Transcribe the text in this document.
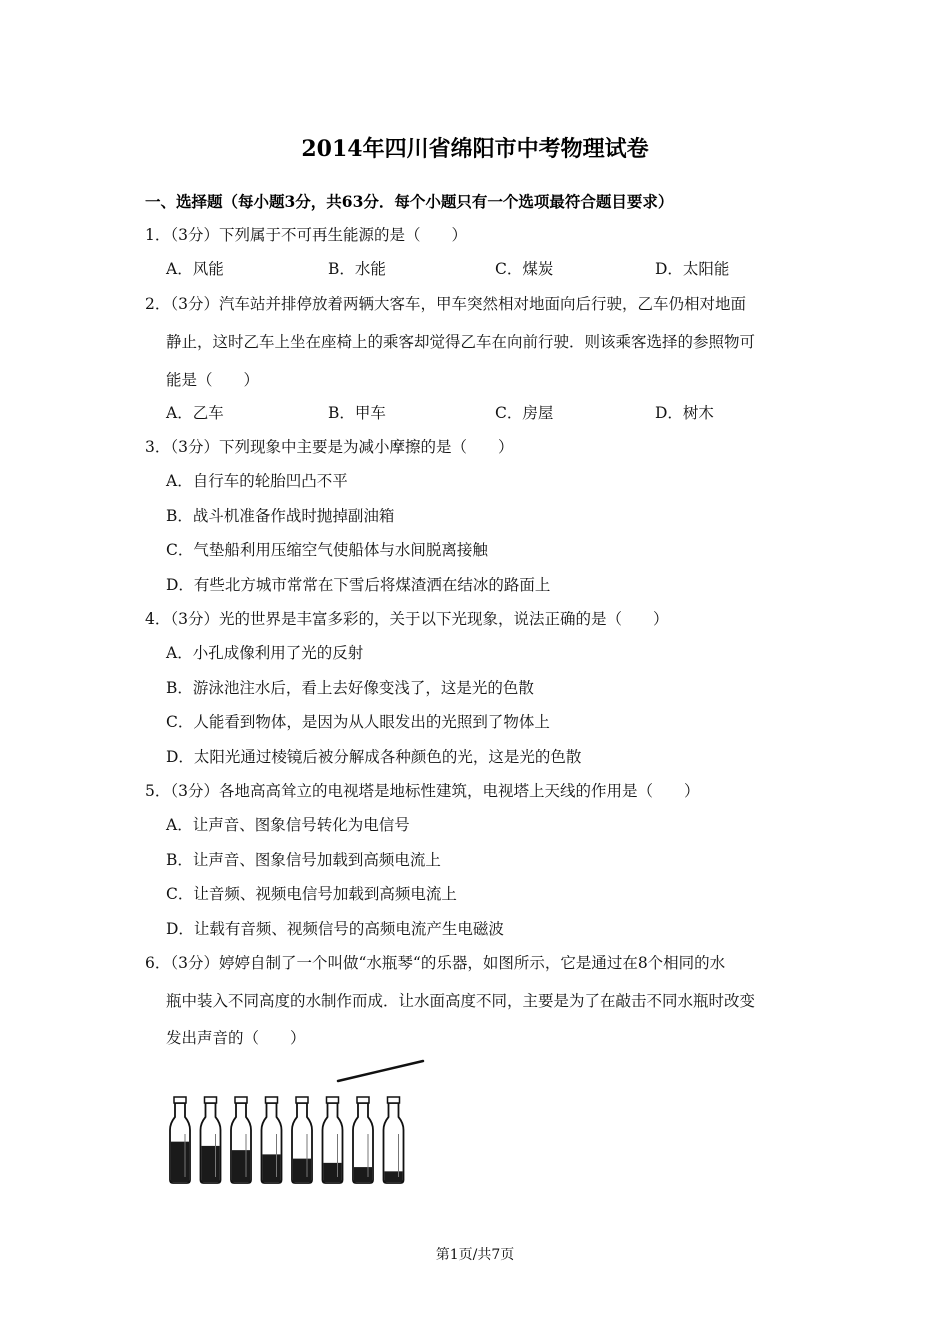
2014年四川省绵阳市中考物理试卷
一、选择题（每小题3分，共63分．每个小题只有一个选项最符合题目要求）
1．（3分）下列属于不可再生能源的是（　　）
A．风能	B．水能	C．煤炭	D．太阳能
2．（3分）汽车站并排停放着两辆大客车，甲车突然相对地面向后行驶，乙车仍相对地面
静止，这时乙车上坐在座椅上的乘客却觉得乙车在向前行驶．则该乘客选择的参照物可
能是（　　）
A．乙车	B．甲车	C．房屋	D．树木
3．（3分）下列现象中主要是为减小摩擦的是（　　）
A．自行车的轮胎凹凸不平
B．战斗机准备作战时抛掉副油箱
C．气垫船利用压缩空气使船体与水间脱离接触
D．有些北方城市常常在下雪后将煤渣洒在结冰的路面上
4．（3分）光的世界是丰富多彩的，关于以下光现象，说法正确的是（　　）
A．小孔成像利用了光的反射
B．游泳池注水后，看上去好像变浅了，这是光的色散
C．人能看到物体，是因为从人眼发出的光照到了物体上
D．太阳光通过棱镜后被分解成各种颜色的光，这是光的色散
5．（3分）各地高高耸立的电视塔是地标性建筑，电视塔上天线的作用是（　　）
A．让声音、图象信号转化为电信号
B．让声音、图象信号加载到高频电流上
C．让音频、视频电信号加载到高频电流上
D．让载有音频、视频信号的高频电流产生电磁波
6．（3分）婷婷自制了一个叫做“水瓶琴“的乐器，如图所示，它是通过在8个相同的水
瓶中装入不同高度的水制作而成．让水面高度不同，主要是为了在敲击不同水瓶时改变
发出声音的（　　）
第1页/共7页
